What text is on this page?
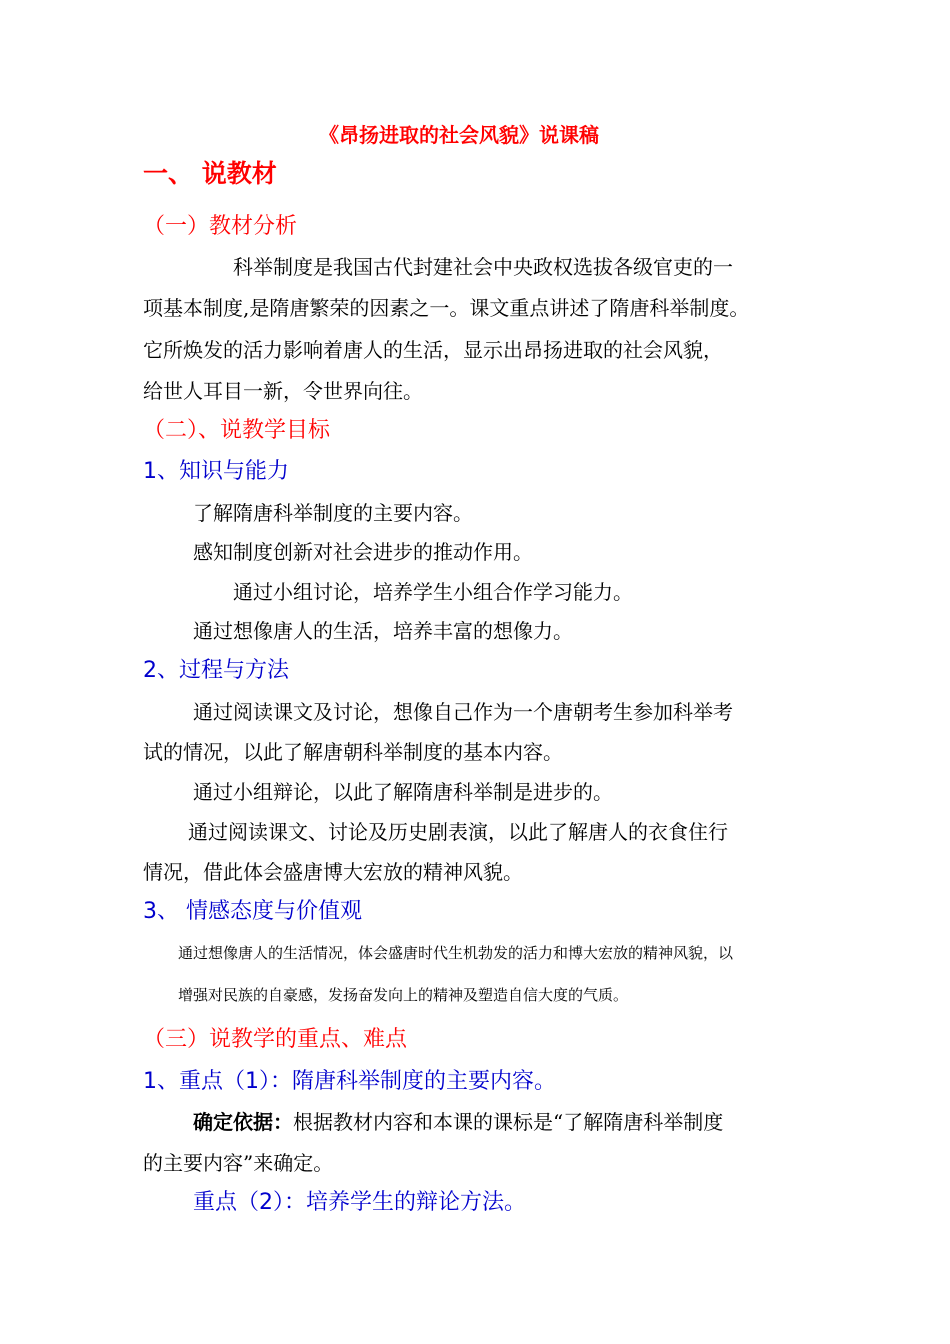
《昂扬进取的社会风貌》说课稿
一、 说教材
（一）教材分析
科举制度是我国古代封建社会中央政权选拔各级官吏的一
项基本制度,是隋唐繁荣的因素之一。课文重点讲述了隋唐科举制度。
它所焕发的活力影响着唐人的生活，显示出昂扬进取的社会风貌，
给世人耳目一新，令世界向往。
（二）、说教学目标
1、知识与能力
了解隋唐科举制度的主要内容。
感知制度创新对社会进步的推动作用。
通过小组讨论，培养学生小组合作学习能力。
通过想像唐人的生活，培养丰富的想像力。
2、过程与方法
通过阅读课文及讨论，想像自己作为一个唐朝考生参加科举考
试的情况，以此了解唐朝科举制度的基本内容。
通过小组辩论，以此了解隋唐科举制是进步的。
通过阅读课文、讨论及历史剧表演，以此了解唐人的衣食住行
情况，借此体会盛唐博大宏放的精神风貌。
3、 情感态度与价值观
通过想像唐人的生活情况，体会盛唐时代生机勃发的活力和博大宏放的精神风貌，以
增强对民族的自豪感，发扬奋发向上的精神及塑造自信大度的气质。
（三）说教学的重点、难点
1、重点（1）：隋唐科举制度的主要内容。
确定依据：根据教材内容和本课的课标是“了解隋唐科举制度
的主要内容”来确定。
重点（2）：培养学生的辩论方法。
